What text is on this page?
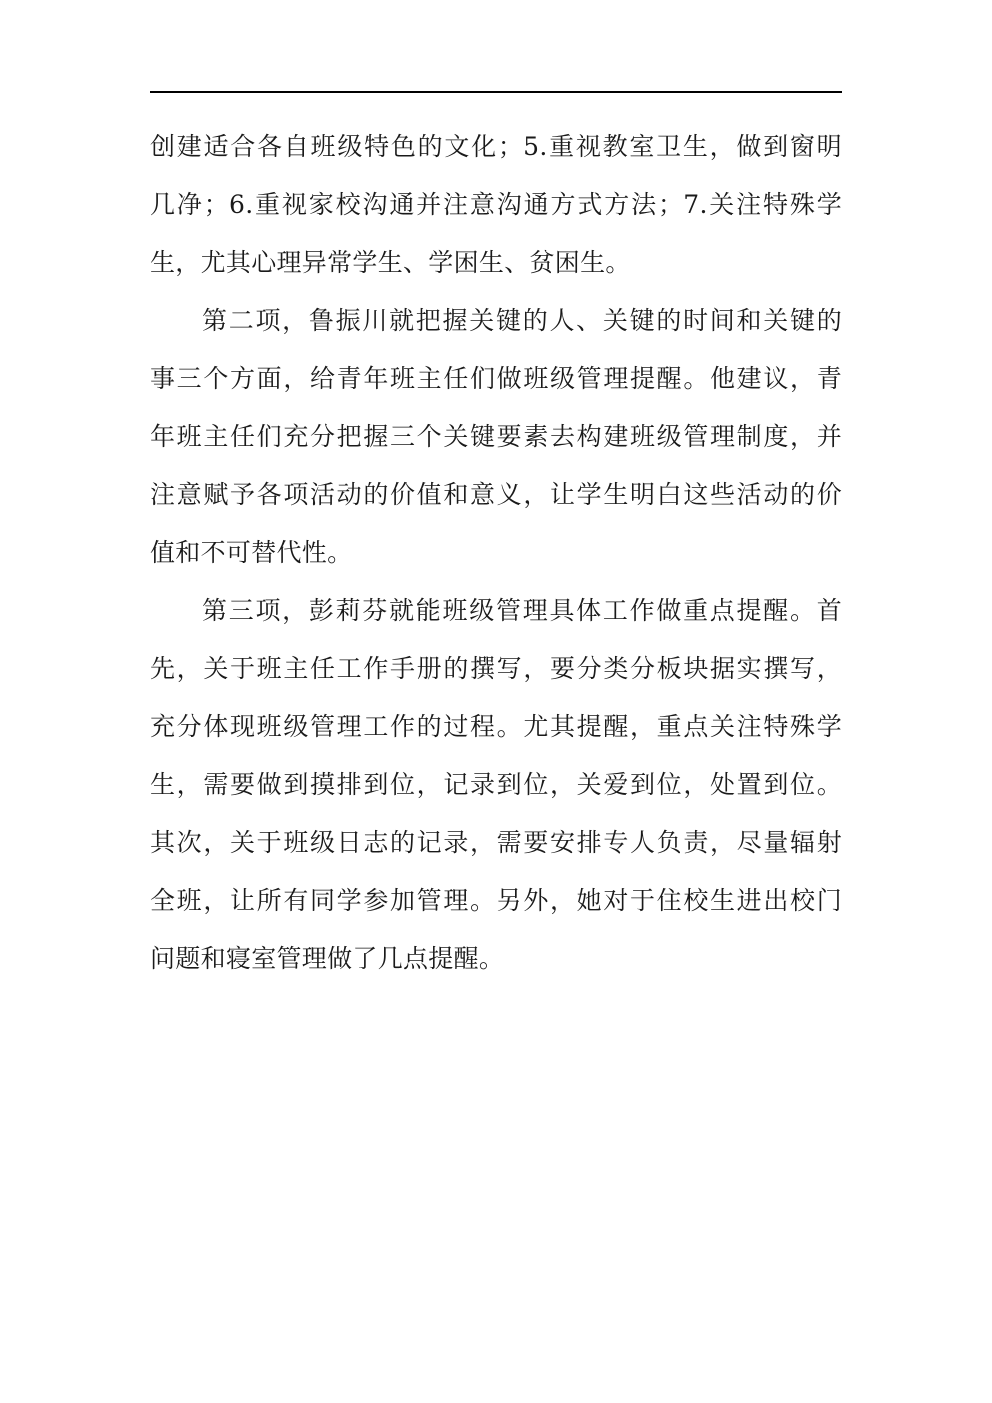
创建适合各自班级特色的文化；5.重视教室卫生，做到窗明
几净；6.重视家校沟通并注意沟通方式方法；7.关注特殊学
生，尤其心理异常学生、学困生、贫困生。
第二项，鲁振川就把握关键的人、关键的时间和关键的
事三个方面，给青年班主任们做班级管理提醒。他建议，青
年班主任们充分把握三个关键要素去构建班级管理制度，并
注意赋予各项活动的价值和意义，让学生明白这些活动的价
值和不可替代性。
第三项，彭莉芬就能班级管理具体工作做重点提醒。首
先，关于班主任工作手册的撰写，要分类分板块据实撰写，
充分体现班级管理工作的过程。尤其提醒，重点关注特殊学
生，需要做到摸排到位，记录到位，关爱到位，处置到位。
其次，关于班级日志的记录，需要安排专人负责，尽量辐射
全班，让所有同学参加管理。另外，她对于住校生进出校门
问题和寝室管理做了几点提醒。
